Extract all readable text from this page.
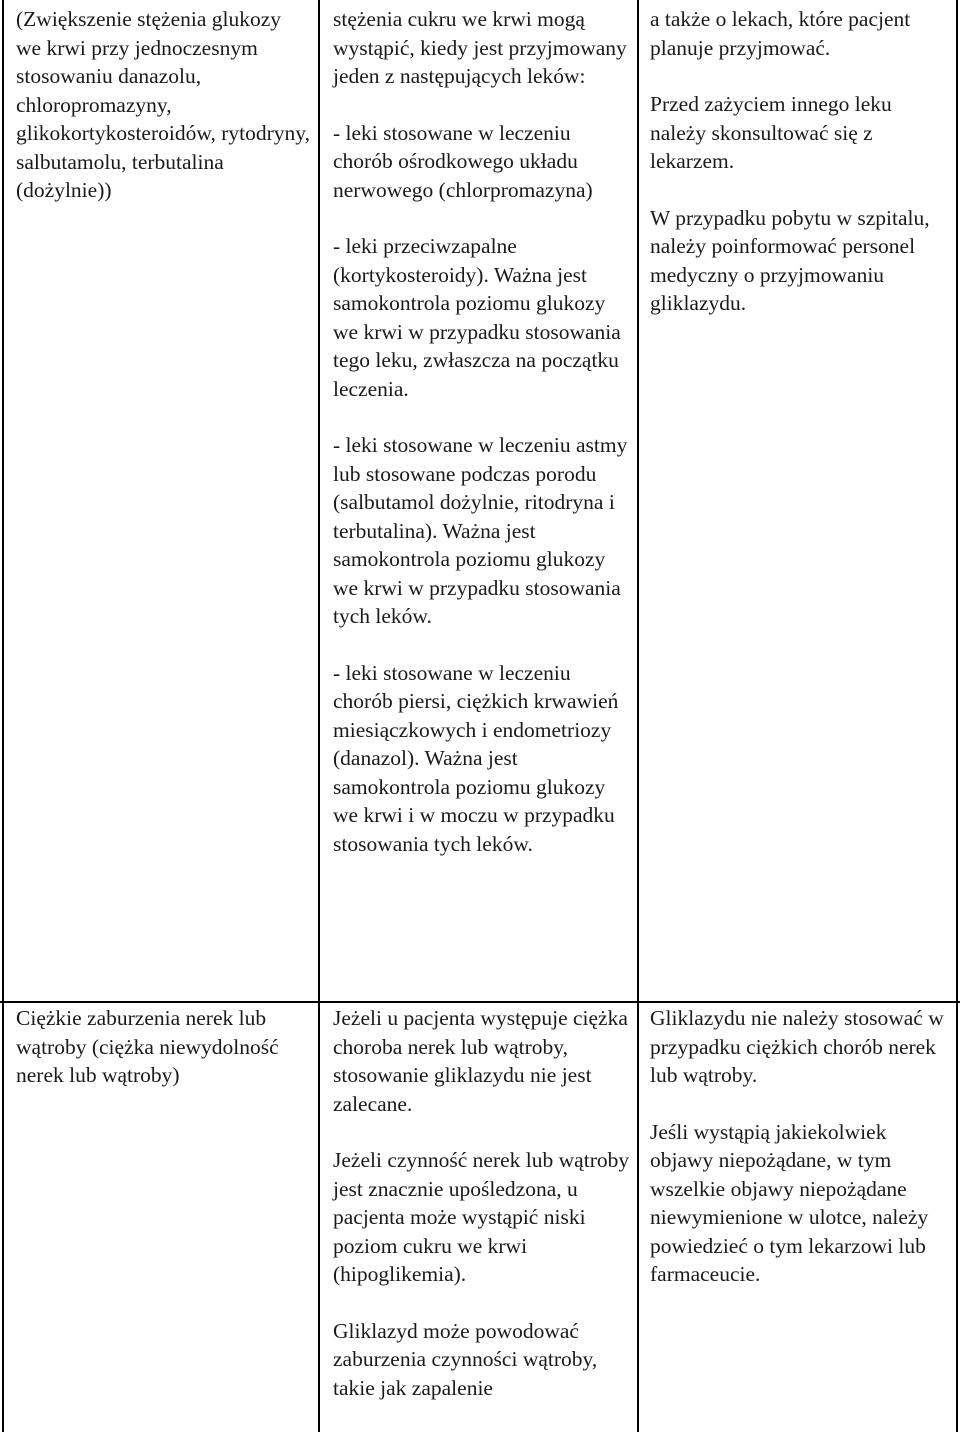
(Zwiększenie stężenia glukozy we krwi przy jednoczesnym stosowaniu danazolu, chloropromazyny, glikokortykosteroidów, rytodryny, salbutamolu, terbutalina (dożylnie))

stężenia cukru we krwi mogą wystąpić, kiedy jest przyjmowany jeden z następujących leków:

- leki stosowane w leczeniu chorób ośrodkowego układu nerwowego (chlorpromazyna)

- leki przeciwzapalne (kortykosteroidy). Ważna jest samokontrola poziomu glukozy we krwi w przypadku stosowania tego leku, zwłaszcza na początku leczenia.

- leki stosowane w leczeniu astmy lub stosowane podczas porodu (salbutamol dożylnie, ritodryna i terbutalina). Ważna jest samokontrola poziomu glukozy we krwi w przypadku stosowania tych leków.

- leki stosowane w leczeniu chorób piersi, ciężkich krwawień miesiączkowych i endometriozy (danazol). Ważna jest samokontrola poziomu glukozy we krwi i w moczu w przypadku stosowania tych leków.

a także o lekach, które pacjent planuje przyjmować.

Przed zażyciem innego leku należy skonsultować się z lekarzem.

W przypadku pobytu w szpitalu, należy poinformować personel medyczny o przyjmowaniu gliklazydu.

Ciężkie zaburzenia nerek lub wątroby (ciężka niewydolność nerek lub wątroby)

Jeżeli u pacjenta występuje ciężka choroba nerek lub wątroby, stosowanie gliklazydu nie jest zalecane.

Jeżeli czynność nerek lub wątroby jest znacznie upośledzona, u pacjenta może wystąpić niski poziom cukru we krwi (hipoglikemia).

Gliklazyd może powodować zaburzenia czynności wątroby, takie jak zapalenie

Gliklazydu nie należy stosować w przypadku ciężkich chorób nerek lub wątroby.

Jeśli wystąpią jakiekolwiek objawy niepożądane, w tym wszelkie objawy niepożądane niewymienione w ulotce, należy powiedzieć o tym lekarzowi lub farmaceucie.
